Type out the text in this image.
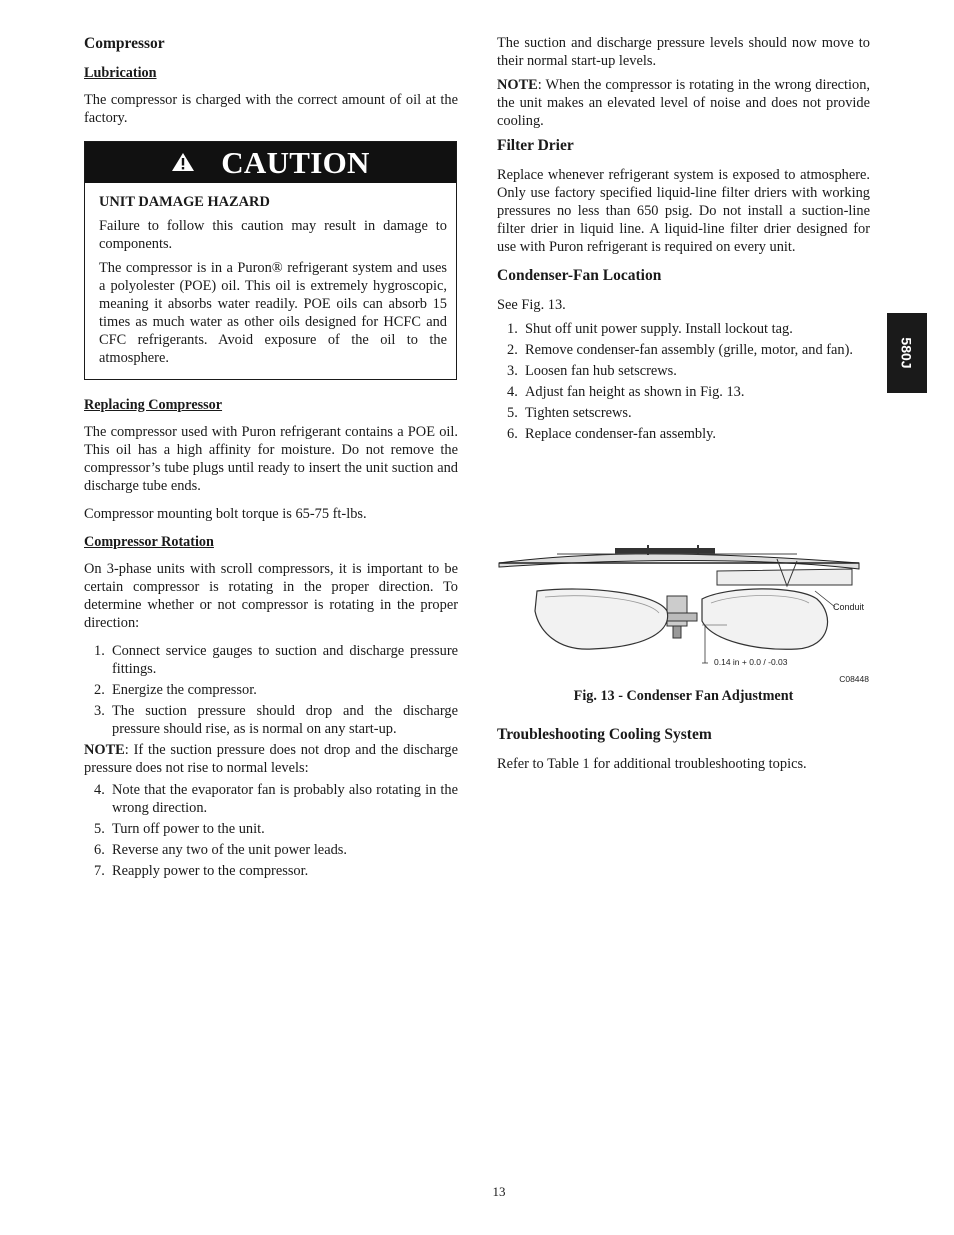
Compressor
Lubrication

The compressor is charged with the correct amount of oil at the factory.

CAUTION
UNIT DAMAGE HAZARD

Failure to follow this caution may result in damage to components.

The compressor is in a Puron® refrigerant system and uses a polyolester (POE) oil. This oil is extremely hygroscopic, meaning it absorbs water readily. POE oils can absorb 15 times as much water as other oils designed for HCFC and CFC refrigerants. Avoid exposure of the oil to the atmosphere.

Replacing Compressor

The compressor used with Puron refrigerant contains a POE oil. This oil has a high affinity for moisture. Do not remove the compressor’s tube plugs until ready to insert the unit suction and discharge tube ends.

Compressor mounting bolt torque is 65-75 ft-lbs.

Compressor Rotation

On 3-phase units with scroll compressors, it is important to be certain compressor is rotating in the proper direction. To determine whether or not compressor is rotating in the proper direction:

1. Connect service gauges to suction and discharge pressure fittings.
2. Energize the compressor.
3. The suction pressure should drop and the discharge pressure should rise, as is normal on any start-up.

NOTE: If the suction pressure does not drop and the discharge pressure does not rise to normal levels:

4. Note that the evaporator fan is probably also rotating in the wrong direction.
5. Turn off power to the unit.
6. Reverse any two of the unit power leads.
7. Reapply power to the compressor.

The suction and discharge pressure levels should now move to their normal start-up levels.

NOTE: When the compressor is rotating in the wrong direction, the unit makes an elevated level of noise and does not provide cooling.

Filter Drier

Replace whenever refrigerant system is exposed to atmosphere. Only use factory specified liquid-line filter driers with working pressures no less than 650 psig. Do not install a suction-line filter drier in liquid line. A liquid-line filter drier designed for use with Puron refrigerant is required on every unit.

Condenser-Fan Location

See Fig. 13.

1. Shut off unit power supply. Install lockout tag.
2. Remove condenser-fan assembly (grille, motor, and fan).
3. Loosen fan hub setscrews.
4. Adjust fan height as shown in Fig. 13.
5. Tighten setscrews.
6. Replace condenser-fan assembly.
Conduit
0.14 in + 0.0 / -0.03
C08448
Fig. 13 - Condenser Fan Adjustment
Troubleshooting Cooling System

Refer to Table 1 for additional troubleshooting topics.

580J
13
